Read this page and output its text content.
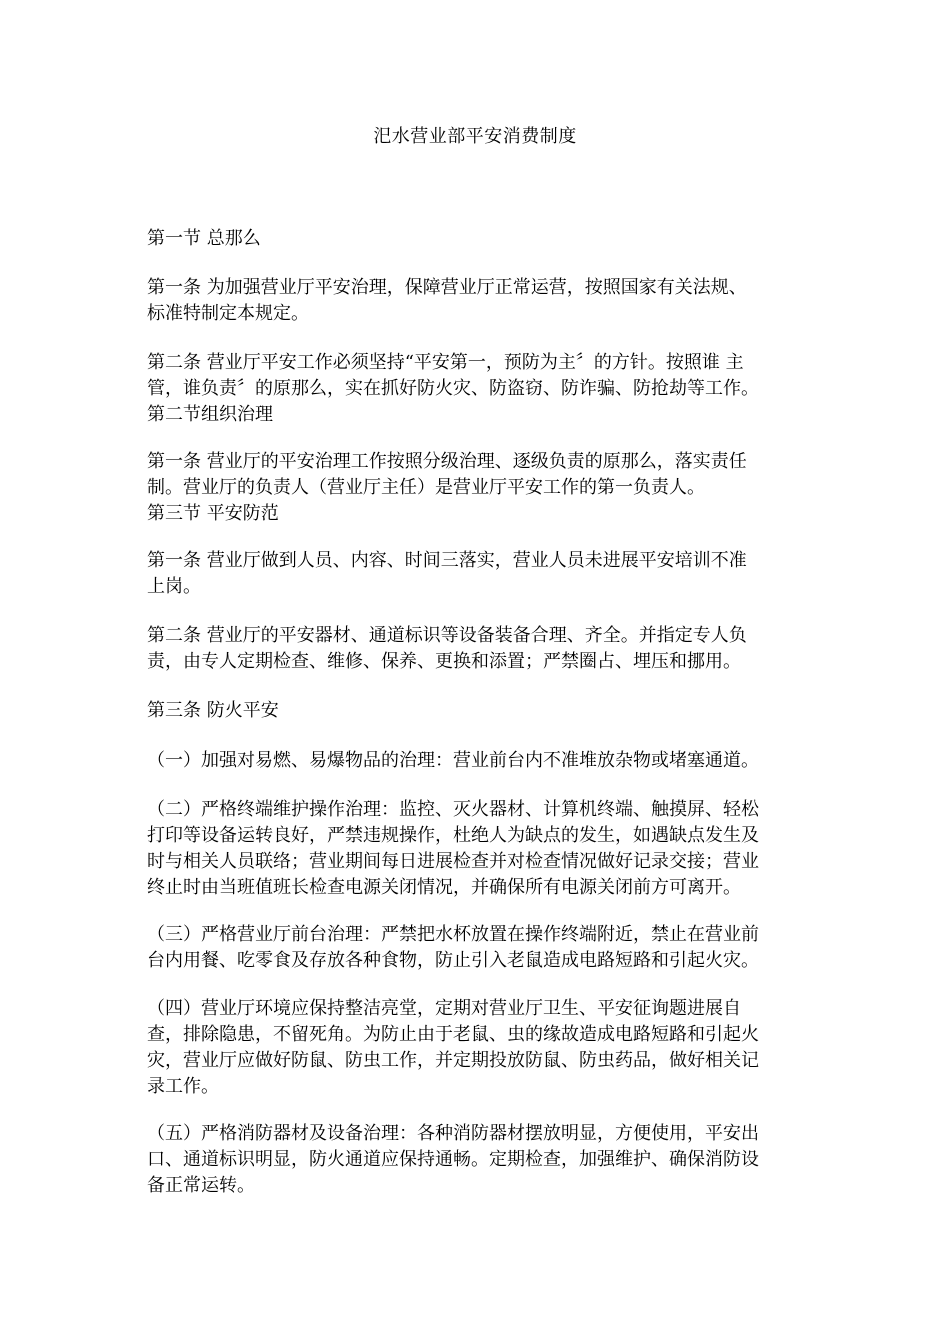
汜水营业部平安消费制度
第一节 总那么
第一条 为加强营业厅平安治理，保障营业厅正常运营，按照国家有关法规、
标准特制定本规定。
第二条 营业厅平安工作必须坚持“平安第一，预防为主〞的方针。按照谁 主
管，谁负责〞的原那么，实在抓好防火灾、防盗窃、防诈骗、防抢劫等工作。
第二节组织治理
第一条 营业厅的平安治理工作按照分级治理、逐级负责的原那么，落实责任
制。营业厅的负责人（营业厅主任）是营业厅平安工作的第一负责人。
第三节 平安防范
第一条 营业厅做到人员、内容、时间三落实，营业人员未进展平安培训不准
上岗。
第二条 营业厅的平安器材、通道标识等设备装备合理、齐全。并指定专人负
责，由专人定期检查、维修、保养、更换和添置；严禁圈占、埋压和挪用。
第三条 防火平安
（一）加强对易燃、易爆物品的治理：营业前台内不准堆放杂物或堵塞通道。
（二）严格终端维护操作治理：监控、灭火器材、计算机终端、触摸屏、轻松
打印等设备运转良好，严禁违规操作，杜绝人为缺点的发生，如遇缺点发生及
时与相关人员联络；营业期间每日进展检查并对检查情况做好记录交接；营业
终止时由当班值班长检查电源关闭情况，并确保所有电源关闭前方可离开。
（三）严格营业厅前台治理：严禁把水杯放置在操作终端附近，禁止在营业前
台内用餐、吃零食及存放各种食物，防止引入老鼠造成电路短路和引起火灾。
（四）营业厅环境应保持整洁亮堂，定期对营业厅卫生、平安征询题进展自
查，排除隐患，不留死角。为防止由于老鼠、虫的缘故造成电路短路和引起火
灾，营业厅应做好防鼠、防虫工作，并定期投放防鼠、防虫药品，做好相关记
录工作。
（五）严格消防器材及设备治理：各种消防器材摆放明显，方便使用，平安出
口、通道标识明显，防火通道应保持通畅。定期检查，加强维护、确保消防设
备正常运转。
